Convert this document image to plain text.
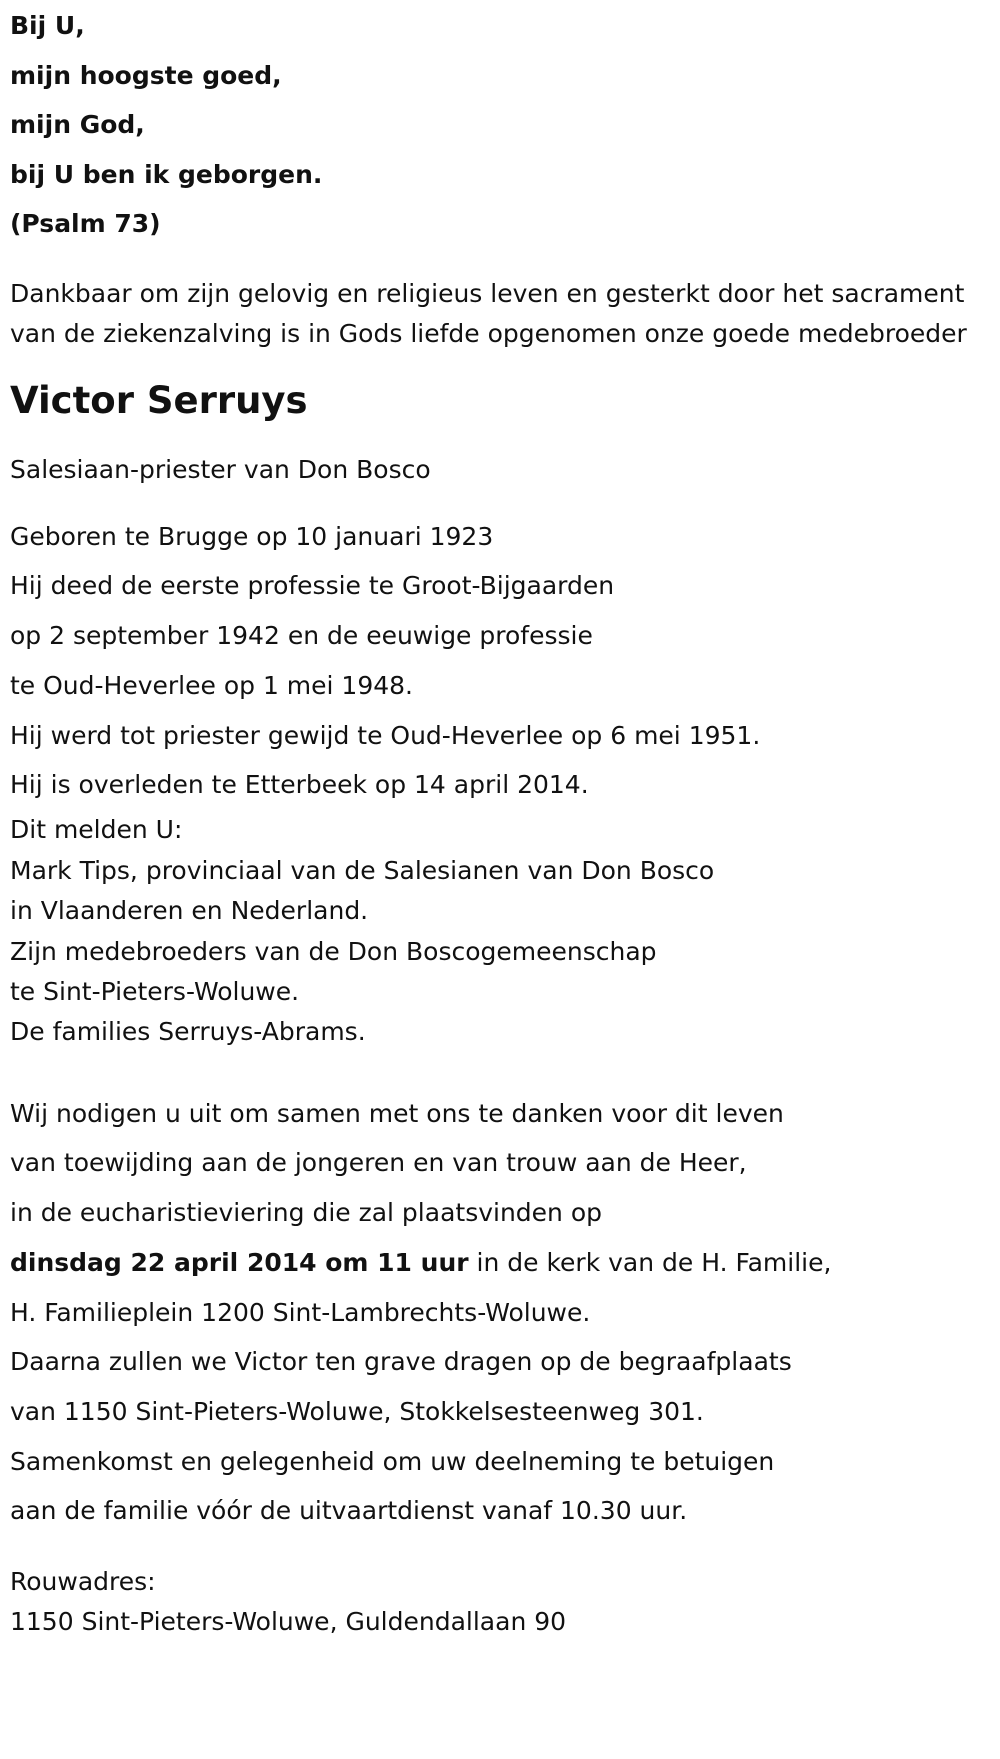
Bij U,
mijn hoogste goed,
mijn God,
bij U ben ik geborgen.
(Psalm 73)
Dankbaar om zijn gelovig en religieus leven en gesterkt door het sacrament van de ziekenzalving is in Gods liefde opgenomen onze goede medebroeder
Victor Serruys
Salesiaan-priester van Don Bosco
Geboren te Brugge op 10 januari 1923
Hij deed de eerste professie te Groot-Bijgaarden
op 2 september 1942 en de eeuwige professie
te Oud-Heverlee op 1 mei 1948.
Hij werd tot priester gewijd te Oud-Heverlee op 6 mei 1951.
Hij is overleden te Etterbeek op 14 april 2014.
Dit melden U:
Mark Tips, provinciaal van de Salesianen van Don Bosco
in Vlaanderen en Nederland.
Zijn medebroeders van de Don Boscogemeenschap
te Sint-Pieters-Woluwe.
De families Serruys-Abrams.
Wij nodigen u uit om samen met ons te danken voor dit leven
van toewijding aan de jongeren en van trouw aan de Heer,
in de eucharistieviering die zal plaatsvinden op
dinsdag 22 april 2014 om 11 uur in de kerk van de H. Familie,
H. Familieplein 1200 Sint-Lambrechts-Woluwe.
Daarna zullen we Victor ten grave dragen op de begraafplaats
van 1150 Sint-Pieters-Woluwe, Stokkelsesteenweg 301.
Samenkomst en gelegenheid om uw deelneming te betuigen
aan de familie vóór de uitvaartdienst vanaf 10.30 uur.
Rouwadres:
1150 Sint-Pieters-Woluwe, Guldendallaan 90
